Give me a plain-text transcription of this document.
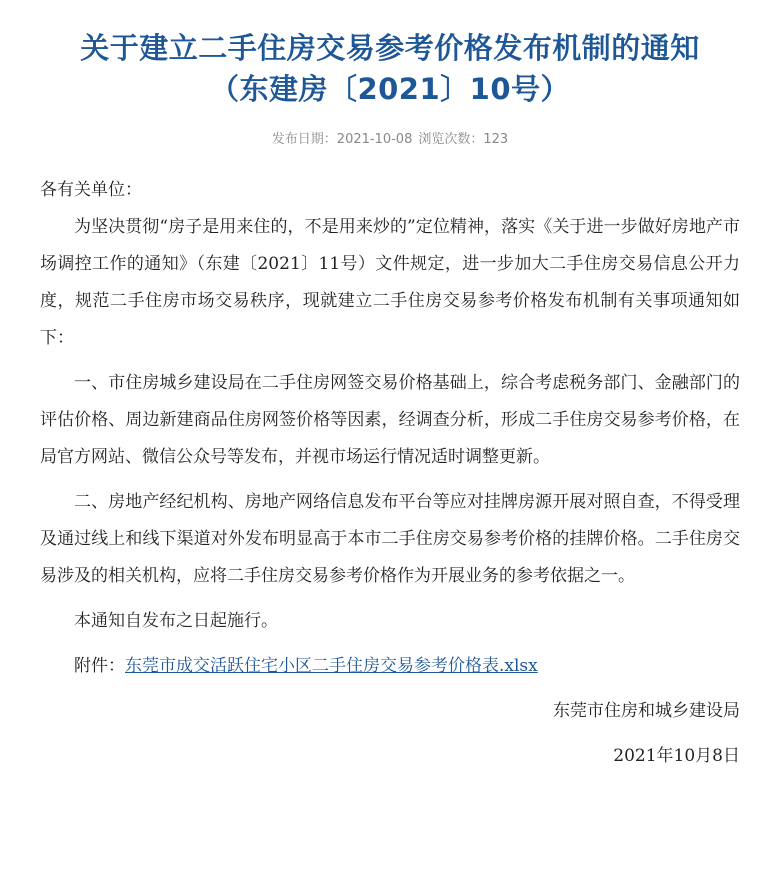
关于建立二手住房交易参考价格发布机制的通知
（东建房〔2021〕10号）
发布日期：2021-10-08 浏览次数：123

各有关单位：

为坚决贯彻“房子是用来住的，不是用来炒的”定位精神，落实《关于进一步做好房地产市场调控工作的通知》（东建〔2021〕11号）文件规定，进一步加大二手住房交易信息公开力度，规范二手住房市场交易秩序，现就建立二手住房交易参考价格发布机制有关事项通知如下：

一、市住房城乡建设局在二手住房网签交易价格基础上，综合考虑税务部门、金融部门的评估价格、周边新建商品住房网签价格等因素，经调查分析，形成二手住房交易参考价格，在局官方网站、微信公众号等发布，并视市场运行情况适时调整更新。

二、房地产经纪机构、房地产网络信息发布平台等应对挂牌房源开展对照自查，不得受理及通过线上和线下渠道对外发布明显高于本市二手住房交易参考价格的挂牌价格。二手住房交易涉及的相关机构，应将二手住房交易参考价格作为开展业务的参考依据之一。

本通知自发布之日起施行。

附件：东莞市成交活跃住宅小区二手住房交易参考价格表.xlsx

东莞市住房和城乡建设局

2021年10月8日
